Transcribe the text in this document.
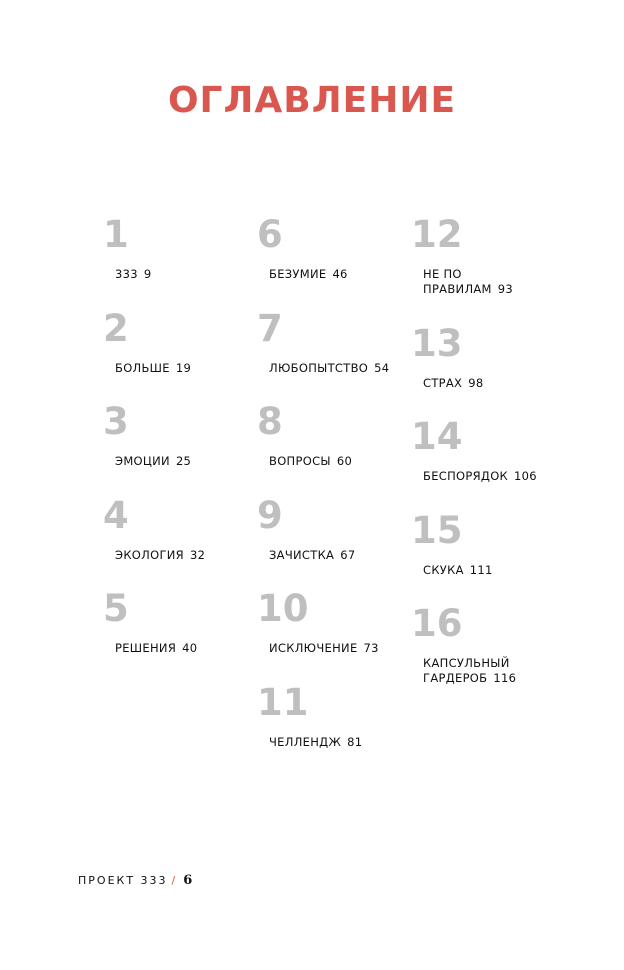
ОГЛАВЛЕНИЕ
1
333 9
2
БОЛЬШЕ 19
3
ЭМОЦИИ 25
4
ЭКОЛОГИЯ 32
5
РЕШЕНИЯ 40
6
БЕЗУМИЕ 46
7
ЛЮБОПЫТСТВО 54
8
ВОПРОСЫ 60
9
ЗАЧИСТКА 67
10
ИСКЛЮЧЕНИЕ 73
11
ЧЕЛЛЕНДЖ 81
12
НЕ ПО
ПРАВИЛАМ 93
13
СТРАХ 98
14
БЕСПОРЯДОК 106
15
СКУКА 111
16
КАПСУЛЬНЫЙ
ГАРДЕРОБ 116
ПРОЕКТ 333 / 6
